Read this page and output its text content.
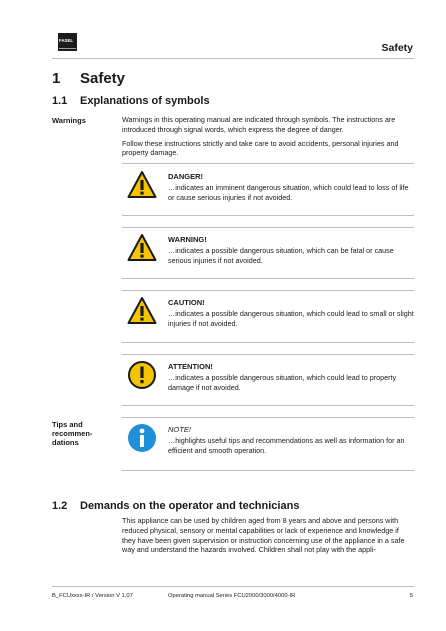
FASEL
Safety
1 Safety
1.1 Explanations of symbols
Warnings	Warnings in this operating manual are indicated through symbols. The instructions are introduced through signal words, which express the degree of danger.

Follow these instructions strictly and take care to avoid accidents, personal injuries and property damage.

DANGER!
…indicates an imminent dangerous situation, which could lead to loss of life or cause serious injuries if not avoided.
WARNING!
…indicates a possible dangerous situation, which can be fatal or cause serious injuries if not avoided.
CAUTION!
…indicates a possible dangerous situation, which could lead to small or slight injuries if not avoided.
ATTENTION!
…indicates a possible dangerous situation, which could lead to property damage if not avoided.
Tips and recommen- dations
NOTE!
…highlights useful tips and recommendations as well as information for an efficient and smooth operation.
1.2 Demands on the operator and technicians
This appliance can be used by children aged from 8 years and above and persons with reduced physical, sensory or mental capabilities or lack of experience and knowledge if they have been given supervision or instruction concerning use of the appliance in a safe way and understand the hazards involved. Children shall not play with the appli-
B_FCUxxxx-IR / Version V 1.07	Operating manual Series FCU2000/3000/4000-IR	5
